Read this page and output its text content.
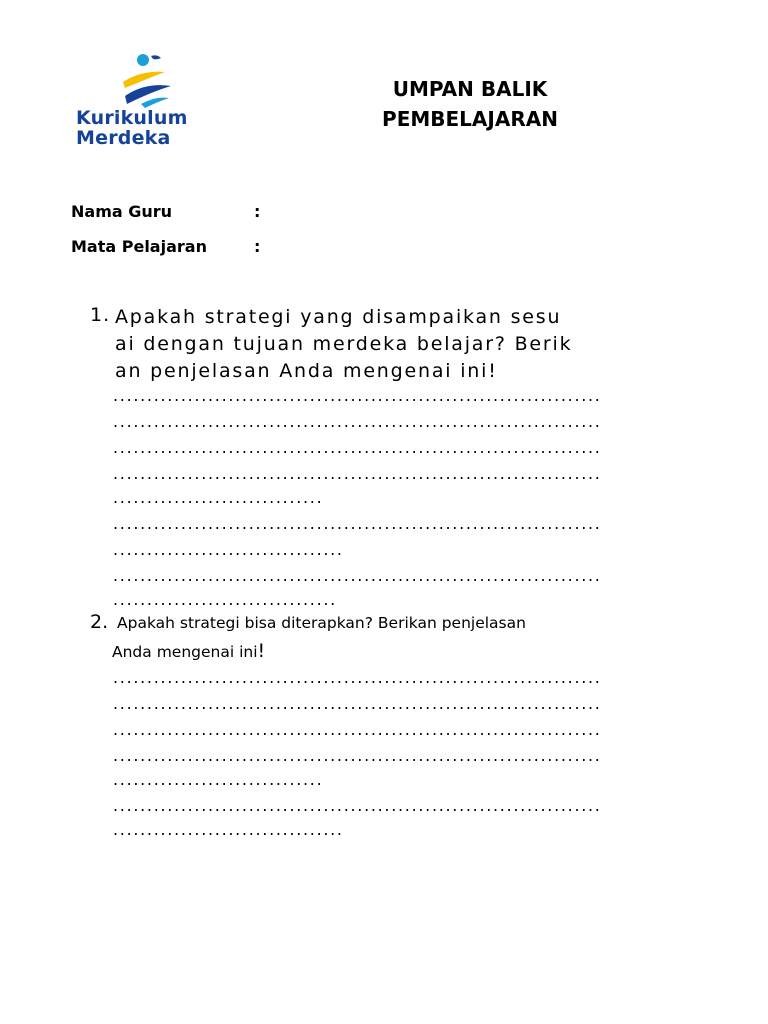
Kurikulum
Merdeka
UMPAN BALIK
PEMBELAJARAN
Nama Guru	:
Mata Pelajaran	:
1. Apakah strategi yang disampaikan sesu
ai dengan tujuan merdeka belajar? Berik
an penjelasan Anda mengenai ini!
........................................................................
........................................................................
........................................................................
........................................................................
...............................
........................................................................
..................................
........................................................................
.................................
2. Apakah strategi bisa diterapkan? Berikan penjelasan
Anda mengenai ini!
........................................................................
........................................................................
........................................................................
........................................................................
...............................
........................................................................
..................................
